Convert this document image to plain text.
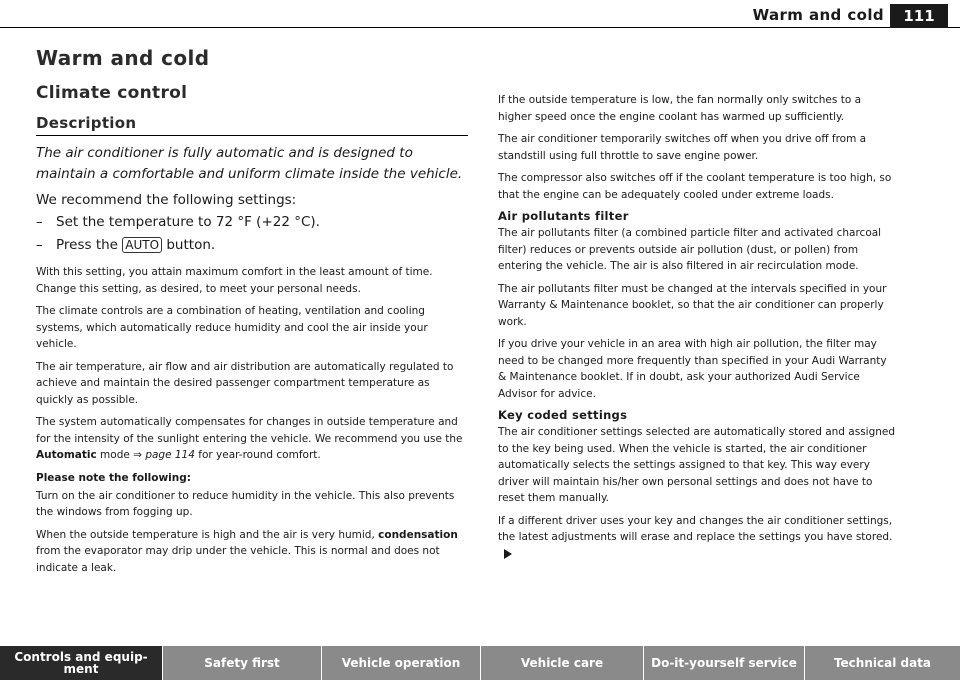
Warm and cold	111
Warm and cold
Climate control
Description
The air conditioner is fully automatic and is designed to maintain a comfortable and uniform climate inside the vehicle.
We recommend the following settings:
– Set the temperature to 72 °F (+22 °C).
– Press the AUTO button.

With this setting, you attain maximum comfort in the least amount of time. Change this setting, as desired, to meet your personal needs.

The climate controls are a combination of heating, ventilation and cooling systems, which automatically reduce humidity and cool the air inside your vehicle.

The air temperature, air flow and air distribution are automatically regulated to achieve and maintain the desired passenger compartment temperature as quickly as possible.

The system automatically compensates for changes in outside temperature and for the intensity of the sunlight entering the vehicle. We recommend you use the Automatic mode ⇒ page 114 for year-round comfort.

Please note the following:

Turn on the air conditioner to reduce humidity in the vehicle. This also prevents the windows from fogging up.

When the outside temperature is high and the air is very humid, condensation from the evaporator may drip under the vehicle. This is normal and does not indicate a leak.

If the outside temperature is low, the fan normally only switches to a higher speed once the engine coolant has warmed up sufficiently.

The air conditioner temporarily switches off when you drive off from a standstill using full throttle to save engine power.

The compressor also switches off if the coolant temperature is too high, so that the engine can be adequately cooled under extreme loads.

Air pollutants filter

The air pollutants filter (a combined particle filter and activated charcoal filter) reduces or prevents outside air pollution (dust, or pollen) from entering the vehicle. The air is also filtered in air recirculation mode.

The air pollutants filter must be changed at the intervals specified in your Warranty & Maintenance booklet, so that the air conditioner can properly work.

If you drive your vehicle in an area with high air pollution, the filter may need to be changed more frequently than specified in your Audi Warranty & Maintenance booklet. If in doubt, ask your authorized Audi Service Advisor for advice.

Key coded settings

The air conditioner settings selected are automatically stored and assigned to the key being used. When the vehicle is started, the air conditioner automatically selects the settings assigned to that key. This way every driver will maintain his/her own personal settings and does not have to reset them manually.

If a different driver uses your key and changes the air conditioner settings, the latest adjustments will erase and replace the settings you have stored.

Controls and equip- ment	Safety first	Vehicle operation	Vehicle care	Do-it-yourself service	Technical data
